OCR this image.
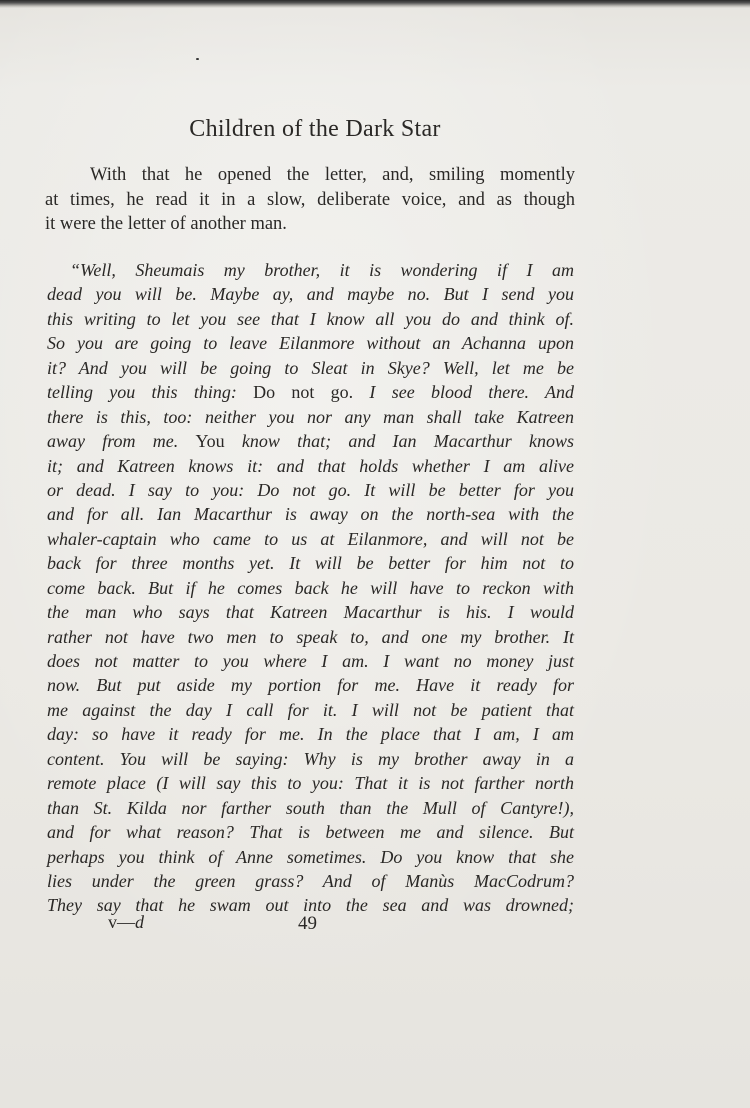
Children of the Dark Star

With that he opened the letter, and, smiling momently
at times, he read it in a slow, deliberate voice, and as though
it were the letter of another man.

“Well, Sheumais my brother, it is wondering if I am
dead you will be. Maybe ay, and maybe no. But I send you
this writing to let you see that I know all you do and think of.
So you are going to leave Eilanmore without an Achanna upon
it? And you will be going to Sleat in Skye? Well, let me be
telling you this thing: Do not go. I see blood there. And
there is this, too: neither you nor any man shall take Katreen
away from me. You know that; and Ian Macarthur knows
it; and Katreen knows it: and that holds whether I am alive
or dead. I say to you: Do not go. It will be better for you
and for all. Ian Macarthur is away on the north-sea with the
whaler-captain who came to us at Eilanmore, and will not be
back for three months yet. It will be better for him not to
come back. But if he comes back he will have to reckon with
the man who says that Katreen Macarthur is his. I would
rather not have two men to speak to, and one my brother. It
does not matter to you where I am. I want no money just
now. But put aside my portion for me. Have it ready for
me against the day I call for it. I will not be patient that
day: so have it ready for me. In the place that I am, I am
content. You will be saying: Why is my brother away in a
remote place (I will say this to you: That it is not farther north
than St. Kilda nor farther south than the Mull of Cantyre!),
and for what reason? That is between me and silence. But
perhaps you think of Anne sometimes. Do you know that she
lies under the green grass? And of Manùs MacCodrum?
They say that he swam out into the sea and was drowned;

v—d	49
